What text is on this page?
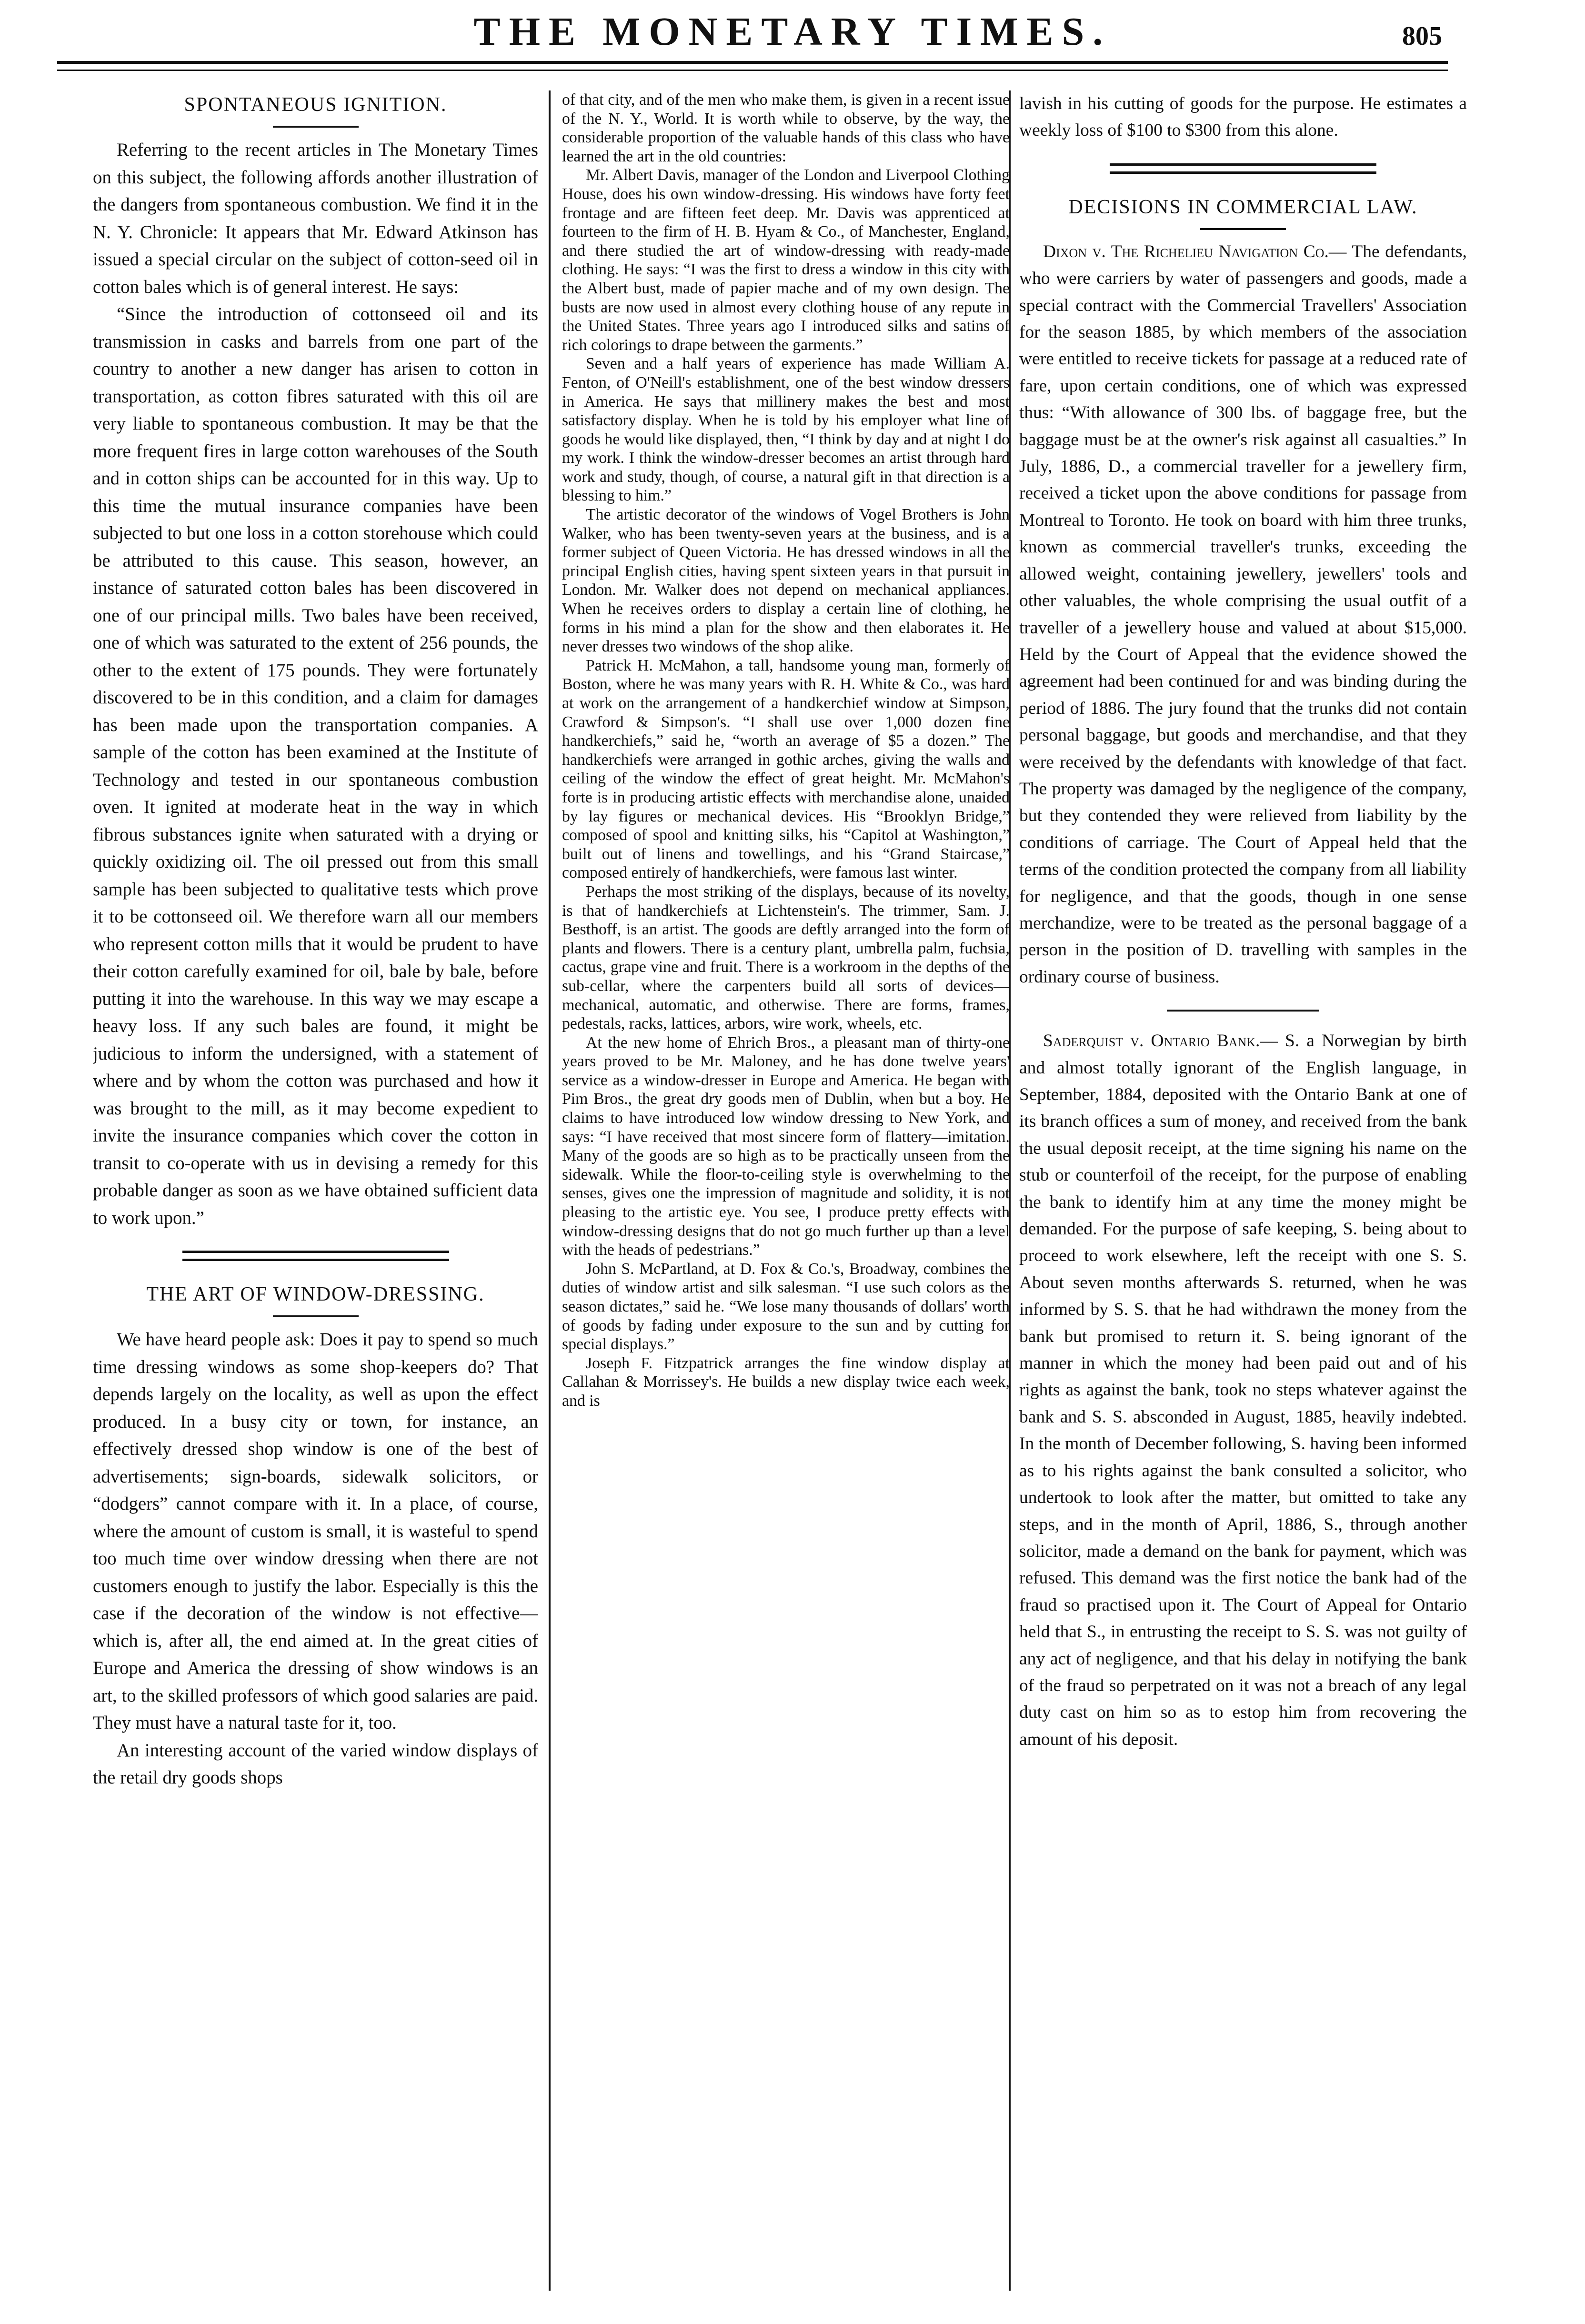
THE MONETARY TIMES.	805
SPONTANEOUS IGNITION.

Referring to the recent articles in The Monetary Times on this subject, the following affords another illustration of the dangers from spontaneous combustion. We find it in the N. Y. Chronicle: It appears that Mr. Edward Atkinson has issued a special circular on the subject of cotton-seed oil in cotton bales which is of general interest. He says:

“Since the introduction of cottonseed oil and its transmission in casks and barrels from one part of the country to another a new danger has arisen to cotton in transportation, as cotton fibres saturated with this oil are very liable to spontaneous combustion. It may be that the more frequent fires in large cotton warehouses of the South and in cotton ships can be accounted for in this way. Up to this time the mutual insurance companies have been subjected to but one loss in a cotton storehouse which could be attributed to this cause. This season, however, an instance of saturated cotton bales has been discovered in one of our principal mills. Two bales have been received, one of which was saturated to the extent of 256 pounds, the other to the extent of 175 pounds. They were fortunately discovered to be in this condition, and a claim for damages has been made upon the transportation companies. A sample of the cotton has been examined at the Institute of Technology and tested in our spontaneous combustion oven. It ignited at moderate heat in the way in which fibrous substances ignite when saturated with a drying or quickly oxidizing oil. The oil pressed out from this small sample has been subjected to qualitative tests which prove it to be cottonseed oil. We therefore warn all our members who represent cotton mills that it would be prudent to have their cotton carefully examined for oil, bale by bale, before putting it into the warehouse. In this way we may escape a heavy loss. If any such bales are found, it might be judicious to inform the undersigned, with a statement of where and by whom the cotton was purchased and how it was brought to the mill, as it may become expedient to invite the insurance companies which cover the cotton in transit to co-operate with us in devising a remedy for this probable danger as soon as we have obtained sufficient data to work upon.”

THE ART OF WINDOW-DRESSING.

We have heard people ask: Does it pay to spend so much time dressing windows as some shop-keepers do? That depends largely on the locality, as well as upon the effect produced. In a busy city or town, for instance, an effectively dressed shop window is one of the best of advertisements; sign-boards, sidewalk solicitors, or “dodgers” cannot compare with it. In a place, of course, where the amount of custom is small, it is wasteful to spend too much time over window dressing when there are not customers enough to justify the labor. Especially is this the case if the decoration of the window is not effective—which is, after all, the end aimed at. In the great cities of Europe and America the dressing of show windows is an art, to the skilled professors of which good salaries are paid. They must have a natural taste for it, too.

An interesting account of the varied window displays of the retail dry goods shops

of that city, and of the men who make them, is given in a recent issue of the N. Y., World. It is worth while to observe, by the way, the considerable proportion of the valuable hands of this class who have learned the art in the old countries:

Mr. Albert Davis, manager of the London and Liverpool Clothing House, does his own window-dressing. His windows have forty feet frontage and are fifteen feet deep. Mr. Davis was apprenticed at fourteen to the firm of H. B. Hyam & Co., of Manchester, England, and there studied the art of window-dressing with ready-made clothing. He says: “I was the first to dress a window in this city with the Albert bust, made of papier mache and of my own design. The busts are now used in almost every clothing house of any repute in the United States. Three years ago I introduced silks and satins of rich colorings to drape between the garments.”

Seven and a half years of experience has made William A. Fenton, of O'Neill's establishment, one of the best window dressers in America. He says that millinery makes the best and most satisfactory display. When he is told by his employer what line of goods he would like displayed, then, “I think by day and at night I do my work. I think the window-dresser becomes an artist through hard work and study, though, of course, a natural gift in that direction is a blessing to him.”

The artistic decorator of the windows of Vogel Brothers is John Walker, who has been twenty-seven years at the business, and is a former subject of Queen Victoria. He has dressed windows in all the principal English cities, having spent sixteen years in that pursuit in London. Mr. Walker does not depend on mechanical appliances. When he receives orders to display a certain line of clothing, he forms in his mind a plan for the show and then elaborates it. He never dresses two windows of the shop alike.

Patrick H. McMahon, a tall, handsome young man, formerly of Boston, where he was many years with R. H. White & Co., was hard at work on the arrangement of a handkerchief window at Simpson, Crawford & Simpson's. “I shall use over 1,000 dozen fine handkerchiefs,” said he, “worth an average of $5 a dozen.” The handkerchiefs were arranged in gothic arches, giving the walls and ceiling of the window the effect of great height. Mr. McMahon's forte is in producing artistic effects with merchandise alone, unaided by lay figures or mechanical devices. His “Brooklyn Bridge,” composed of spool and knitting silks, his “Capitol at Washington,” built out of linens and towellings, and his “Grand Staircase,” composed entirely of handkerchiefs, were famous last winter.

Perhaps the most striking of the displays, because of its novelty, is that of handkerchiefs at Lichtenstein's. The trimmer, Sam. J. Besthoff, is an artist. The goods are deftly arranged into the form of plants and flowers. There is a century plant, umbrella palm, fuchsia, cactus, grape vine and fruit. There is a workroom in the depths of the sub-cellar, where the carpenters build all sorts of devices—mechanical, automatic, and otherwise. There are forms, frames, pedestals, racks, lattices, arbors, wire work, wheels, etc.

At the new home of Ehrich Bros., a pleasant man of thirty-one years proved to be Mr. Maloney, and he has done twelve years' service as a window-dresser in Europe and America. He began with Pim Bros., the great dry goods men of Dublin, when but a boy. He claims to have introduced low window dressing to New York, and says: “I have received that most sincere form of flattery—imitation. Many of the goods are so high as to be practically unseen from the sidewalk. While the floor-to-ceiling style is overwhelming to the senses, gives one the impression of magnitude and solidity, it is not pleasing to the artistic eye. You see, I produce pretty effects with window-dressing designs that do not go much further up than a level with the heads of pedestrians.”

John S. McPartland, at D. Fox & Co.'s, Broadway, combines the duties of window artist and silk salesman. “I use such colors as the season dictates,” said he. “We lose many thousands of dollars' worth of goods by fading under exposure to the sun and by cutting for special displays.”

Joseph F. Fitzpatrick arranges the fine window display at Callahan & Morrissey's. He builds a new display twice each week, and is

lavish in his cutting of goods for the purpose. He estimates a weekly loss of $100 to $300 from this alone.

DECISIONS IN COMMERCIAL LAW.

Dixon v. The Richelieu Navigation Co.— The defendants, who were carriers by water of passengers and goods, made a special contract with the Commercial Travellers' Association for the season 1885, by which members of the association were entitled to receive tickets for passage at a reduced rate of fare, upon certain conditions, one of which was expressed thus: “With allowance of 300 lbs. of baggage free, but the baggage must be at the owner's risk against all casualties.” In July, 1886, D., a commercial traveller for a jewellery firm, received a ticket upon the above conditions for passage from Montreal to Toronto. He took on board with him three trunks, known as commercial traveller's trunks, exceeding the allowed weight, containing jewellery, jewellers' tools and other valuables, the whole comprising the usual outfit of a traveller of a jewellery house and valued at about $15,000. Held by the Court of Appeal that the evidence showed the agreement had been continued for and was binding during the period of 1886. The jury found that the trunks did not contain personal baggage, but goods and merchandise, and that they were received by the defendants with knowledge of that fact. The property was damaged by the negligence of the company, but they contended they were relieved from liability by the conditions of carriage. The Court of Appeal held that the terms of the condition protected the company from all liability for negligence, and that the goods, though in one sense merchandize, were to be treated as the personal baggage of a person in the position of D. travelling with samples in the ordinary course of business.

Saderquist v. Ontario Bank.— S. a Norwegian by birth and almost totally ignorant of the English language, in September, 1884, deposited with the Ontario Bank at one of its branch offices a sum of money, and received from the bank the usual deposit receipt, at the time signing his name on the stub or counterfoil of the receipt, for the purpose of enabling the bank to identify him at any time the money might be demanded. For the purpose of safe keeping, S. being about to proceed to work elsewhere, left the receipt with one S. S. About seven months afterwards S. returned, when he was informed by S. S. that he had withdrawn the money from the bank but promised to return it. S. being ignorant of the manner in which the money had been paid out and of his rights as against the bank, took no steps whatever against the bank and S. S. absconded in August, 1885, heavily indebted. In the month of December following, S. having been informed as to his rights against the bank consulted a solicitor, who undertook to look after the matter, but omitted to take any steps, and in the month of April, 1886, S., through another solicitor, made a demand on the bank for payment, which was refused. This demand was the first notice the bank had of the fraud so practised upon it. The Court of Appeal for Ontario held that S., in entrusting the receipt to S. S. was not guilty of any act of negligence, and that his delay in notifying the bank of the fraud so perpetrated on it was not a breach of any legal duty cast on him so as to estop him from recovering the amount of his deposit.
